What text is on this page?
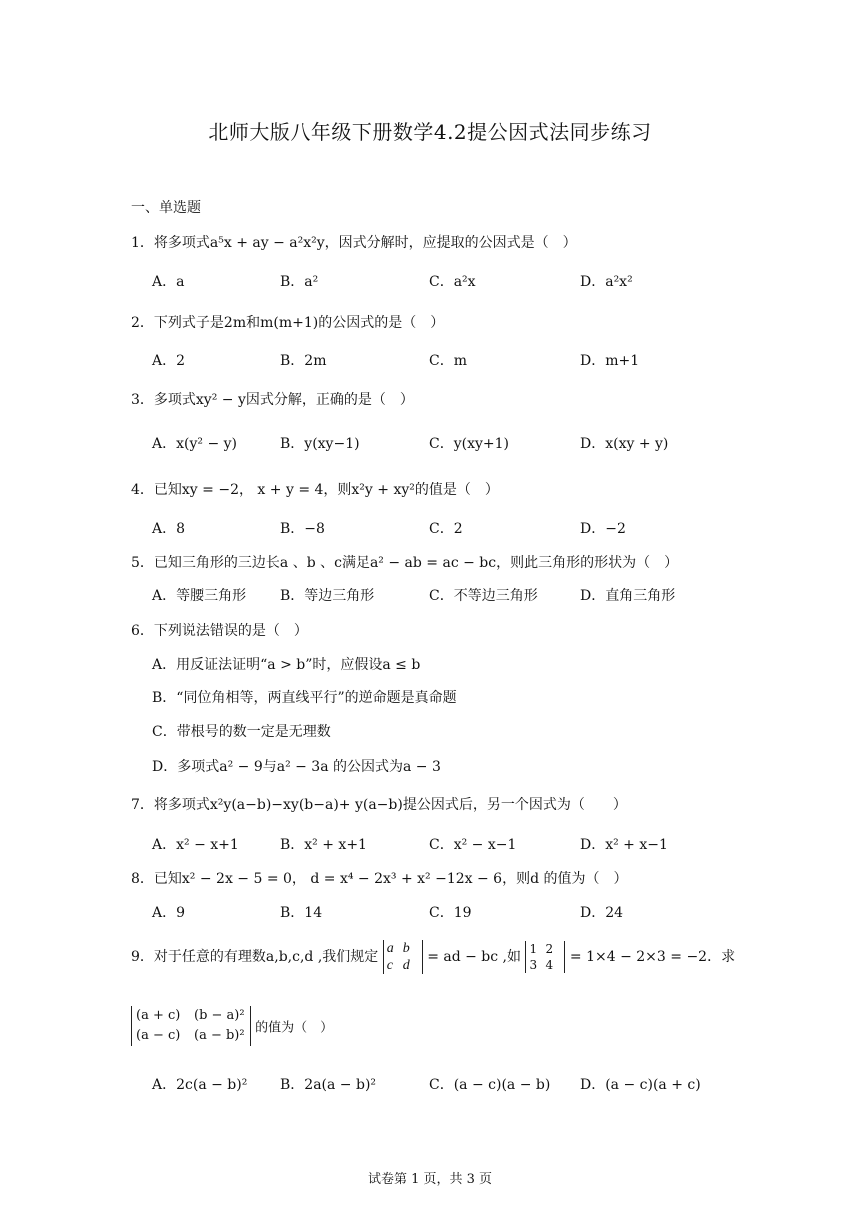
北师大版八年级下册数学4.2提公因式法同步练习
一、单选题
1．将多项式a⁵x + ay − a²x²y，因式分解时，应提取的公因式是（　）
A．a	B．a²	C．a²x	D．a²x²
2．下列式子是2m和m(m+1)的公因式的是（　）
A．2	B．2m	C．m	D．m+1
3．多项式xy² − y因式分解，正确的是（　）
A．x(y² − y)	B．y(xy−1)	C．y(xy+1)	D．x(xy + y)
4．已知xy = −2， x + y = 4，则x²y + xy²的值是（　）
A．8	B．−8	C．2	D．−2
5．已知三角形的三边长a 、b 、c满足a² − ab = ac − bc，则此三角形的形状为（　）
A．等腰三角形 B．等边三角形	C．不等边三角形	D．直角三角形
6．下列说法错误的是（　）
A．用反证法证明“a > b”时，应假设a ≤ b
B．“同位角相等，两直线平行”的逆命题是真命题
C．带根号的数一定是无理数
D．多项式a² − 9与a² − 3a 的公因式为a − 3
7．将多项式x²y(a−b)−xy(b−a)+ y(a−b)提公因式后，另一个因式为（　　）
A．x² − x+1	B．x² + x+1	C．x² − x−1	D．x² + x−1
8．已知x² − 2x − 5 = 0， d = x⁴ − 2x³ + x² −12x − 6，则d 的值为（　）
A．9	B．14	C．19	D．24
9．对于任意的有理数a,b,c,d ,我们规定
a b
c d
= ad − bc ,如 1 2
3 4	= 1×4 − 2×3 = −2．求
(a + c) (b − a)²
(a − c) (a − b)² 的值为（　）
A．2c(a − b)² B．2a(a − b)²	C．(a − c)(a − b) D．(a − c)(a + c)
试卷第 1 页，共 3 页
